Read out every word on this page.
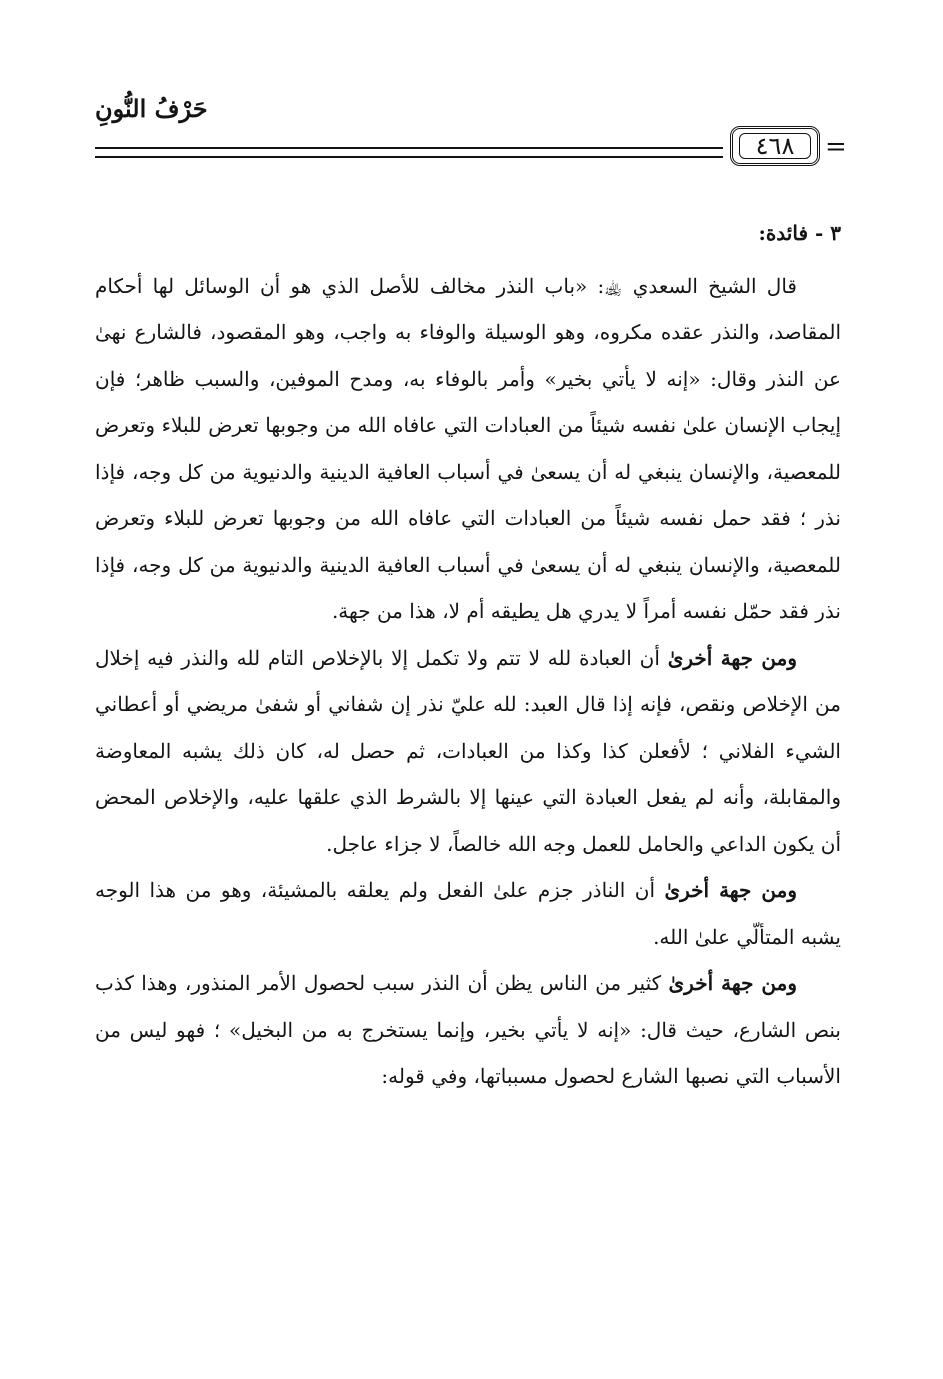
حَرْفُ النُّونِ
٤٦٨	=

٣ - فائدة:

قال الشيخ السعدي ﵀: «باب النذر مخالف للأصل الذي هو أن الوسائل لها أحكام المقاصد، والنذر عقده مكروه، وهو الوسيلة والوفاء به واجب، وهو المقصود، فالشارع نهىٰ عن النذر وقال: «إنه لا يأتي بخير» وأمر بالوفاء به، ومدح الموفين، والسبب ظاهر؛ فإن إيجاب الإنسان علىٰ نفسه شيئاً من العبادات التي عافاه الله من وجوبها تعرض للبلاء وتعرض للمعصية، والإنسان ينبغي له أن يسعىٰ في أسباب العافية الدينية والدنيوية من كل وجه، فإذا نذر ؛ فقد حمل نفسه شيئاً من العبادات التي عافاه الله من وجوبها تعرض للبلاء وتعرض للمعصية، والإنسان ينبغي له أن يسعىٰ في أسباب العافية الدينية والدنيوية من كل وجه، فإذا نذر فقد حمّل نفسه أمراً لا يدري هل يطيقه أم لا، هذا من جهة.

ومن جهة أخرىٰ أن العبادة لله لا تتم ولا تكمل إلا بالإخلاص التام لله والنذر فيه إخلال من الإخلاص ونقص، فإنه إذا قال العبد: لله عليّ نذر إن شفاني أو شفىٰ مريضي أو أعطاني الشيء الفلاني ؛ لأفعلن كذا وكذا من العبادات، ثم حصل له، كان ذلك يشبه المعاوضة والمقابلة، وأنه لم يفعل العبادة التي عينها إلا بالشرط الذي علقها عليه، والإخلاص المحض أن يكون الداعي والحامل للعمل وجه الله خالصاً، لا جزاء عاجل.

ومن جهة أخرىٰ أن الناذر جزم علىٰ الفعل ولم يعلقه بالمشيئة، وهو من هذا الوجه يشبه المتألّي علىٰ الله.

ومن جهة أخرىٰ كثير من الناس يظن أن النذر سبب لحصول الأمر المنذور، وهذا كذب بنص الشارع، حيث قال: «إنه لا يأتي بخير، وإنما يستخرج به من البخيل» ؛ فهو ليس من الأسباب التي نصبها الشارع لحصول مسبباتها، وفي قوله:
